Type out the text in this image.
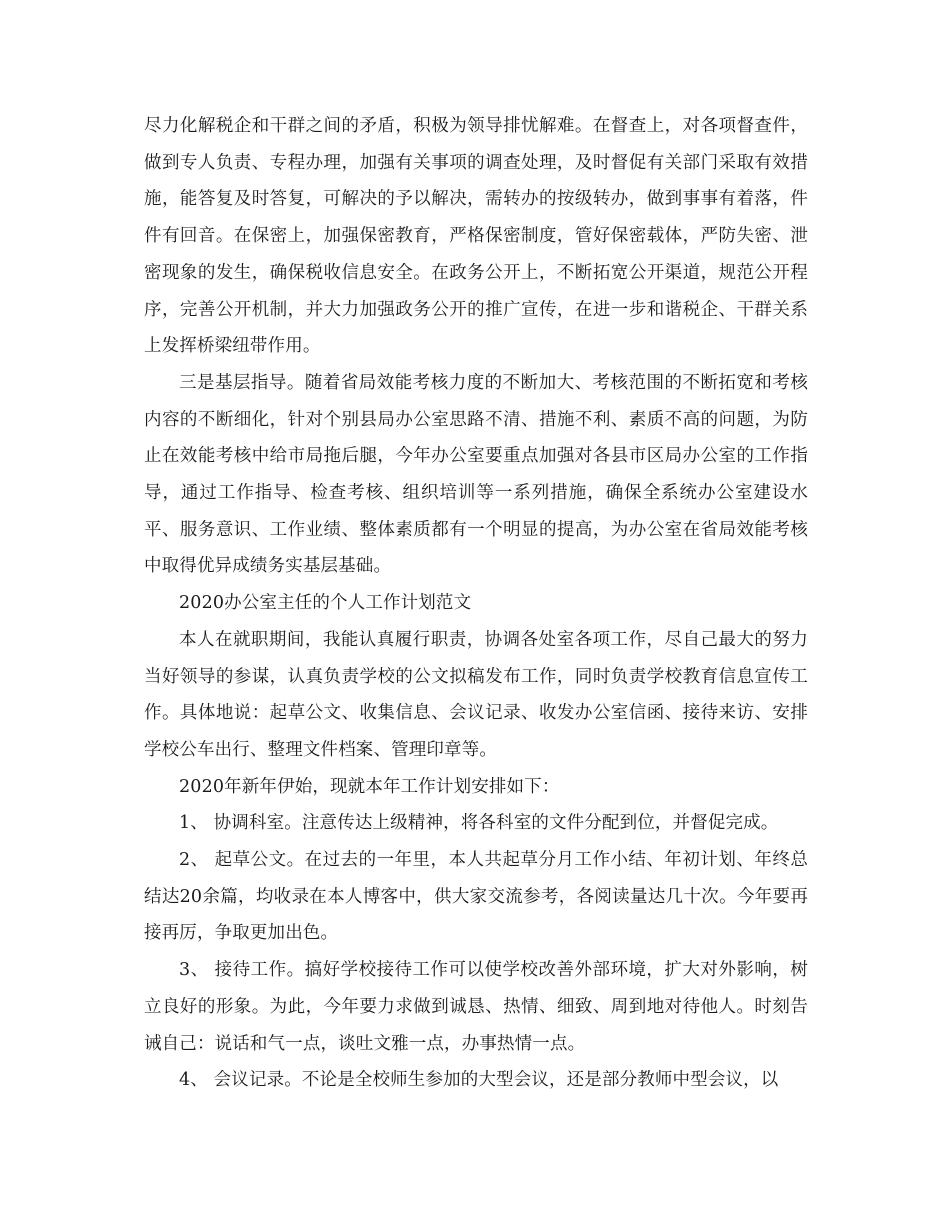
尽力化解税企和干群之间的矛盾，积极为领导排忧解难。在督查上，对各项督查件，做到专人负责、专程办理，加强有关事项的调查处理，及时督促有关部门采取有效措施，能答复及时答复，可解决的予以解决，需转办的按级转办，做到事事有着落，件件有回音。在保密上，加强保密教育，严格保密制度，管好保密载体，严防失密、泄密现象的发生，确保税收信息安全。在政务公开上，不断拓宽公开渠道，规范公开程序，完善公开机制，并大力加强政务公开的推广宣传，在进一步和谐税企、干群关系上发挥桥梁纽带作用。

三是基层指导。随着省局效能考核力度的不断加大、考核范围的不断拓宽和考核内容的不断细化，针对个别县局办公室思路不清、措施不利、素质不高的问题，为防止在效能考核中给市局拖后腿，今年办公室要重点加强对各县市区局办公室的工作指导，通过工作指导、检查考核、组织培训等一系列措施，确保全系统办公室建设水平、服务意识、工作业绩、整体素质都有一个明显的提高，为办公室在省局效能考核中取得优异成绩务实基层基础。

2020办公室主任的个人工作计划范文

本人在就职期间，我能认真履行职责，协调各处室各项工作，尽自己最大的努力当好领导的参谋，认真负责学校的公文拟稿发布工作，同时负责学校教育信息宣传工作。具体地说：起草公文、收集信息、会议记录、收发办公室信函、接待来访、安排学校公车出行、整理文件档案、管理印章等。

2020年新年伊始，现就本年工作计划安排如下：

1、 协调科室。注意传达上级精神，将各科室的文件分配到位，并督促完成。

2、 起草公文。在过去的一年里，本人共起草分月工作小结、年初计划、年终总结达20余篇，均收录在本人博客中，供大家交流参考，各阅读量达几十次。今年要再接再厉，争取更加出色。

3、 接待工作。搞好学校接待工作可以使学校改善外部环境，扩大对外影响，树立良好的形象。为此，今年要力求做到诚恳、热情、细致、周到地对待他人。时刻告诫自己：说话和气一点，谈吐文雅一点，办事热情一点。

4、 会议记录。不论是全校师生参加的大型会议，还是部分教师中型会议，以
